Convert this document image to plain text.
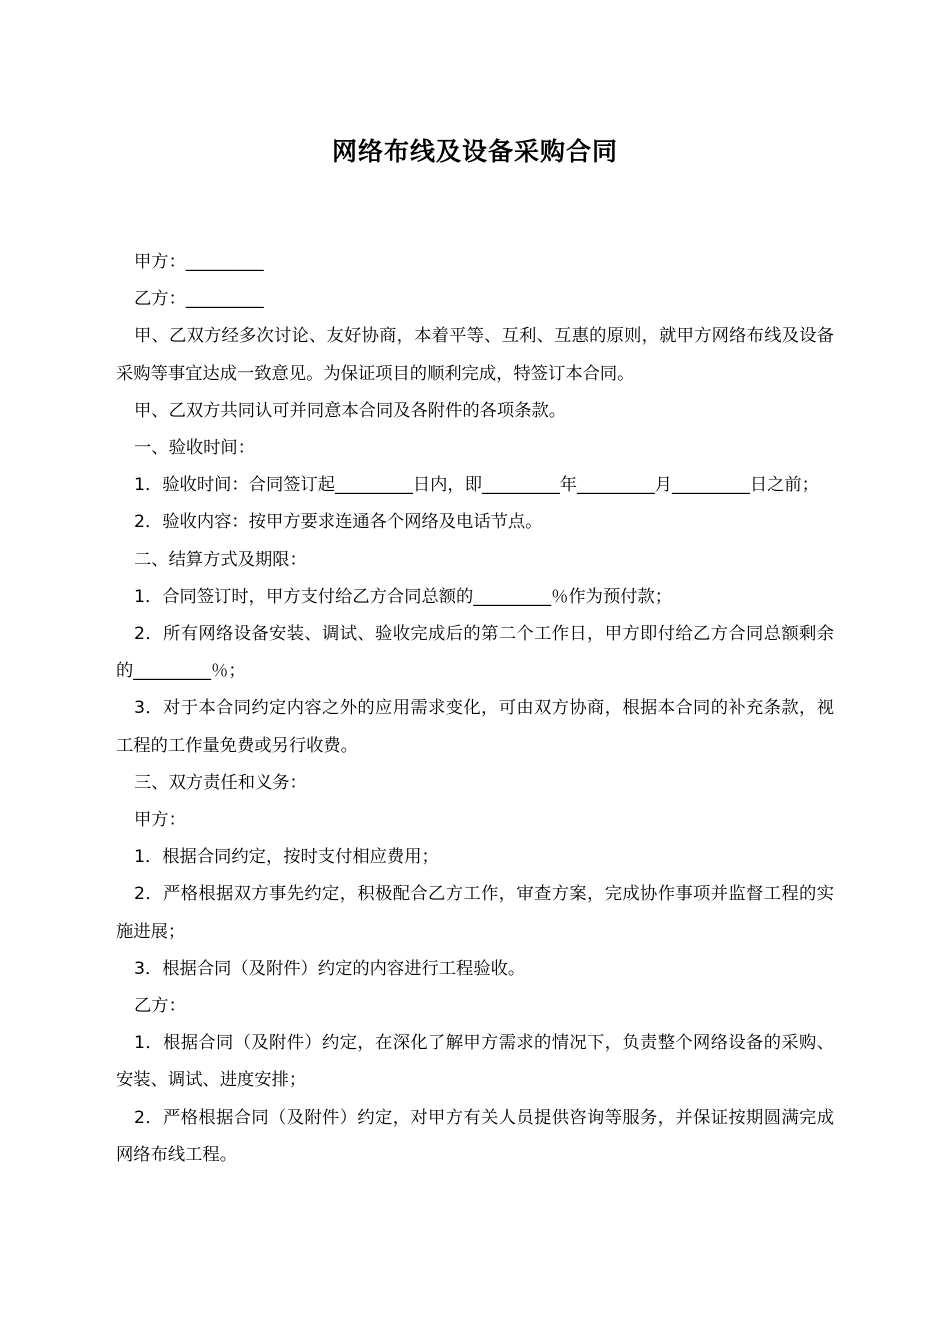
网络布线及设备采购合同

甲方：_________

乙方：_________

甲、乙双方经多次讨论、友好协商，本着平等、互利、互惠的原则，就甲方网络布线及设备采购等事宜达成一致意见。为保证项目的顺利完成，特签订本合同。

甲、乙双方共同认可并同意本合同及各附件的各项条款。

一、验收时间：

1．验收时间：合同签订起_________日内，即_________年_________月_________日之前；

2．验收内容：按甲方要求连通各个网络及电话节点。

二、结算方式及期限：

1．合同签订时，甲方支付给乙方合同总额的_________％作为预付款；

2．所有网络设备安装、调试、验收完成后的第二个工作日，甲方即付给乙方合同总额剩余的_________％；

3．对于本合同约定内容之外的应用需求变化，可由双方协商，根据本合同的补充条款，视工程的工作量免费或另行收费。

三、双方责任和义务：

甲方：

1．根据合同约定，按时支付相应费用；

2．严格根据双方事先约定，积极配合乙方工作，审查方案，完成协作事项并监督工程的实施进展；

3．根据合同（及附件）约定的内容进行工程验收。

乙方：

1．根据合同（及附件）约定，在深化了解甲方需求的情况下，负责整个网络设备的采购、安装、调试、进度安排；

2．严格根据合同（及附件）约定，对甲方有关人员提供咨询等服务，并保证按期圆满完成网络布线工程。
